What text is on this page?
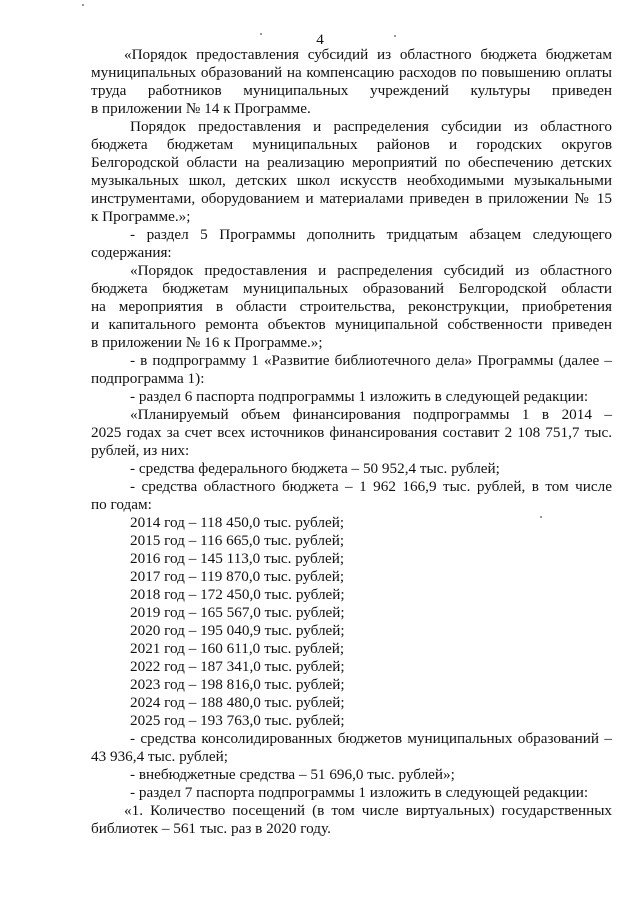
4
«Порядок предоставления субсидий из областного бюджета бюджетам
муниципальных образований на компенсацию расходов по повышению оплаты
труда работников муниципальных учреждений культуры приведен
в приложении № 14 к Программе.
Порядок предоставления и распределения субсидии из областного
бюджета бюджетам муниципальных районов и городских округов
Белгородской области на реализацию мероприятий по обеспечению детских
музыкальных школ, детских школ искусств необходимыми музыкальными
инструментами, оборудованием и материалами приведен в приложении № 15
к Программе.»;
- раздел 5 Программы дополнить тридцатым абзацем следующего
содержания:
«Порядок предоставления и распределения субсидий из областного
бюджета бюджетам муниципальных образований Белгородской области
на мероприятия в области строительства, реконструкции, приобретения
и капитального ремонта объектов муниципальной собственности приведен
в приложении № 16 к Программе.»;
- в подпрограмму 1 «Развитие библиотечного дела» Программы (далее –
подпрограмма 1):
- раздел 6 паспорта подпрограммы 1 изложить в следующей редакции:
«Планируемый объем финансирования подпрограммы 1 в 2014 –
2025 годах за счет всех источников финансирования составит 2 108 751,7 тыс.
рублей, из них:
- средства федерального бюджета – 50 952,4 тыс. рублей;
- средства областного бюджета – 1 962 166,9 тыс. рублей, в том числе
по годам:
2014 год – 118 450,0 тыс. рублей;
2015 год – 116 665,0 тыс. рублей;
2016 год – 145 113,0 тыс. рублей;
2017 год – 119 870,0 тыс. рублей;
2018 год – 172 450,0 тыс. рублей;
2019 год – 165 567,0 тыс. рублей;
2020 год – 195 040,9 тыс. рублей;
2021 год – 160 611,0 тыс. рублей;
2022 год – 187 341,0 тыс. рублей;
2023 год – 198 816,0 тыс. рублей;
2024 год – 188 480,0 тыс. рублей;
2025 год – 193 763,0 тыс. рублей;
- средства консолидированных бюджетов муниципальных образований –
43 936,4 тыс. рублей;
- внебюджетные средства – 51 696,0 тыс. рублей»;
- раздел 7 паспорта подпрограммы 1 изложить в следующей редакции:
«1. Количество посещений (в том числе виртуальных) государственных
библиотек – 561 тыс. раз в 2020 году.
